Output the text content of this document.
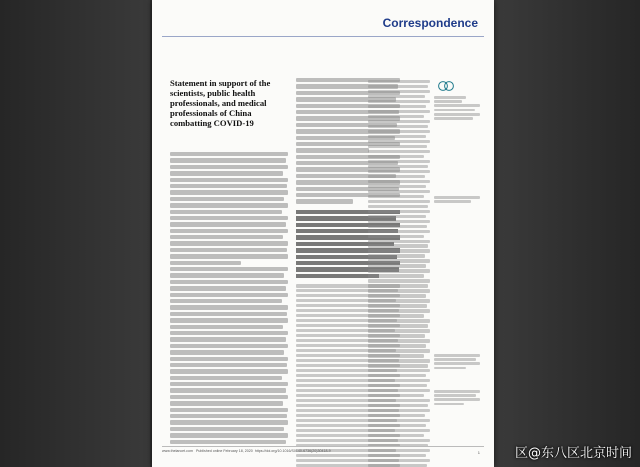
Correspondence
Statement in support of the scientists, public health professionals, and medical professionals of China combatting COVID-19
www.thelancet.com Published online February 18, 2020 https://doi.org/10.1016/S0140-6736(20)30418-9	1	区@东八区北京时间
